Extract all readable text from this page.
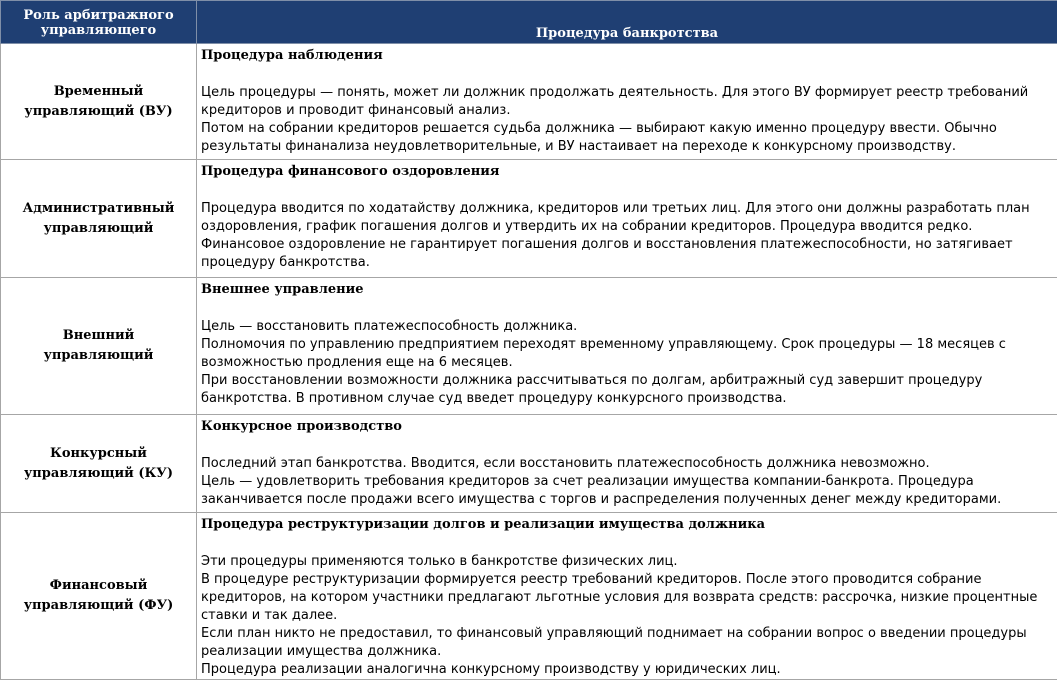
Роль арбитражного управляющего	Процедура банкротства
Временный управляющий (ВУ)	Процедура наблюдения
Цель процедуры — понять, может ли должник продолжать деятельность. Для этого ВУ формирует реестр требований кредиторов и проводит финансовый анализ.
Потом на собрании кредиторов решается судьба должника — выбирают какую именно процедуру ввести. Обычно результаты финанализа неудовлетворительные, и ВУ настаивает на переходе к конкурсному производству.

Административный управляющий	Процедура финансового оздоровления
Процедура вводится по ходатайству должника, кредиторов или третьих лиц. Для этого они должны разработать план оздоровления, график погашения долгов и утвердить их на собрании кредиторов. Процедура вводится редко. Финансовое оздоровление не гарантирует погашения долгов и восстановления платежеспособности, но затягивает процедуру банкротства.

Внешний управляющий	Внешнее управление
Цель — восстановить платежеспособность должника.
Полномочия по управлению предприятием переходят временному управляющему. Срок процедуры — 18 месяцев с возможностью продления еще на 6 месяцев.
При восстановлении возможности должника рассчитываться по долгам, арбитражный суд завершит процедуру банкротства. В противном случае суд введет процедуру конкурсного производства.

Конкурсный управляющий (КУ)	Конкурсное производство
Последний этап банкротства. Вводится, если восстановить платежеспособность должника невозможно.
Цель — удовлетворить требования кредиторов за счет реализации имущества компании-банкрота. Процедура заканчивается после продажи всего имущества с торгов и распределения полученных денег между кредиторами.

Финансовый управляющий (ФУ)	Процедура реструктуризации долгов и реализации имущества должника
Эти процедуры применяются только в банкротстве физических лиц.
В процедуре реструктуризации формируется реестр требований кредиторов. После этого проводится собрание кредиторов, на котором участники предлагают льготные условия для возврата средств: рассрочка, низкие процентные ставки и так далее.
Если план никто не предоставил, то финансовый управляющий поднимает на собрании вопрос о введении процедуры реализации имущества должника.
Процедура реализации аналогична конкурсному производству у юридических лиц.
